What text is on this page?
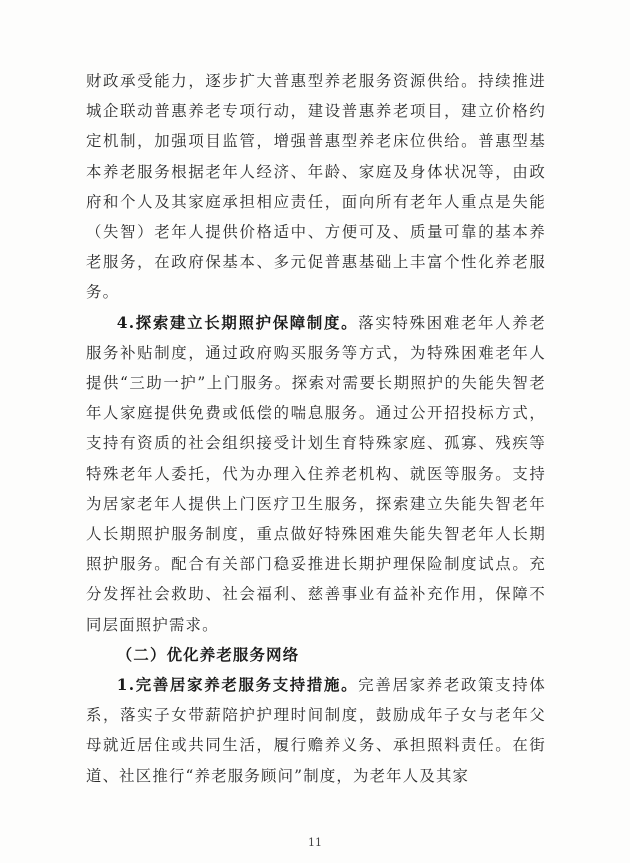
财政承受能力，逐步扩大普惠型养老服务资源供给。持续推进城企联动普惠养老专项行动，建设普惠养老项目，建立价格约定机制，加强项目监管，增强普惠型养老床位供给。普惠型基本养老服务根据老年人经济、年龄、家庭及身体状况等，由政府和个人及其家庭承担相应责任，面向所有老年人重点是失能（失智）老年人提供价格适中、方便可及、质量可靠的基本养老服务，在政府保基本、多元促普惠基础上丰富个性化养老服务。

4.探索建立长期照护保障制度。落实特殊困难老年人养老服务补贴制度，通过政府购买服务等方式，为特殊困难老年人提供“三助一护”上门服务。探索对需要长期照护的失能失智老年人家庭提供免费或低偿的喘息服务。通过公开招投标方式，支持有资质的社会组织接受计划生育特殊家庭、孤寡、残疾等特殊老年人委托，代为办理入住养老机构、就医等服务。支持为居家老年人提供上门医疗卫生服务，探索建立失能失智老年人长期照护服务制度，重点做好特殊困难失能失智老年人长期照护服务。配合有关部门稳妥推进长期护理保险制度试点。充分发挥社会救助、社会福利、慈善事业有益补充作用，保障不同层面照护需求。

（二）优化养老服务网络

1.完善居家养老服务支持措施。完善居家养老政策支持体系，落实子女带薪陪护护理时间制度，鼓励成年子女与老年父母就近居住或共同生活，履行赡养义务、承担照料责任。在街道、社区推行“养老服务顾问”制度，为老年人及其家

11
